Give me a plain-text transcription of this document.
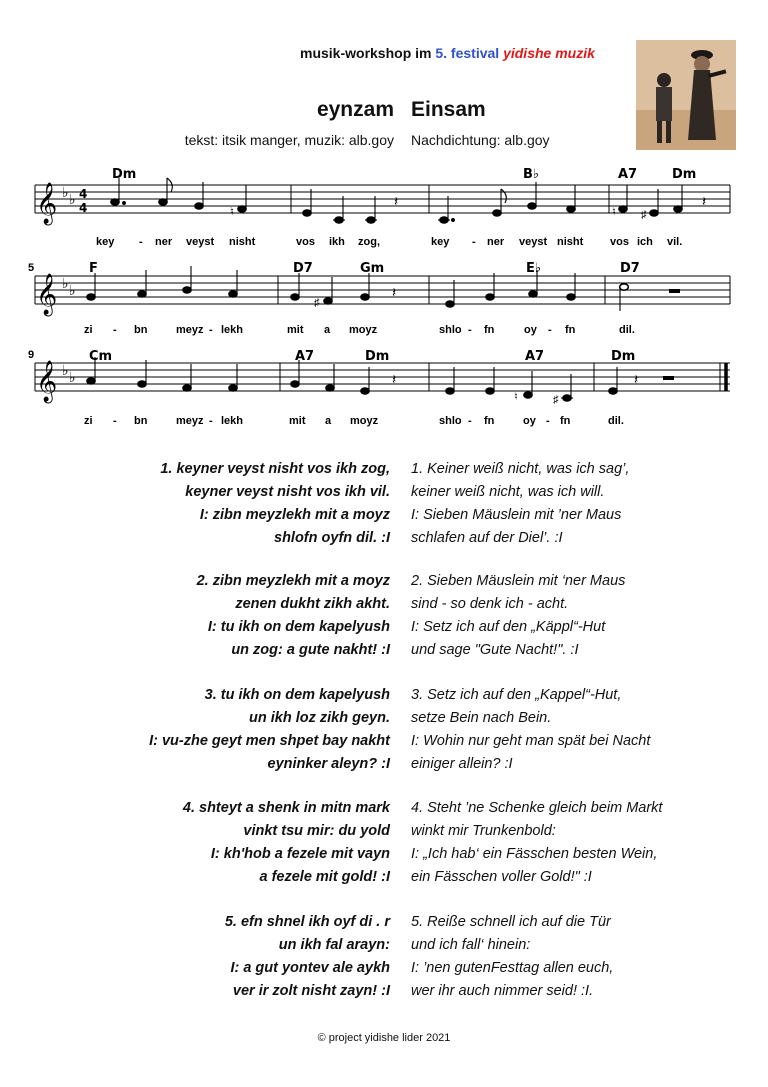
musik-workshop im 5. festival yidishe muzik
eynzam Einsam
tekst: itsik manger, muzik: alb.goy Nachdichtung: alb.goy
𝄞 ♭ ♭ 4
4	♮
𝄽
♮ ♯
𝄽
𝄞 ♭ ♭
♯
𝄽
𝄞 ♭ ♭	𝄽
♮	♯
𝄽
5
9
Dm	B♭	A7	Dm
F	D7	Gm	E♭	D7
Cm	A7	Dm	A7	Dm
key - ner veyst nisht	vos ikh zog,	key - ner veyst nisht vos ich vil.
zi - bn	meyz - lekh	mit a moyz	shlo - fn	oy - fn	dil.
zi - bn	meyz - lekh	mit a moyz	shlo - fn	oy - fn	dil.
1. keyner veyst nisht vos ikh zog,
keyner veyst nisht vos ikh vil.
I: zibn meyzlekh mit a moyz
shlofn oyfn dil. :I
1. Keiner weiß nicht, was ich sag’,
keiner weiß nicht, was ich will.
I: Sieben Mäuslein mit ’ner Maus
schlafen auf der Diel’. :I
2. zibn meyzlekh mit a moyz
zenen dukht zikh akht.
I: tu ikh on dem kapelyush
un zog: a gute nakht! :I
2. Sieben Mäuslein mit ‘ner Maus
sind - so denk ich - acht.
I: Setz ich auf den „Käppl“-Hut
und sage "Gute Nacht!". :I
3. tu ikh on dem kapelyush
un ikh loz zikh geyn.
I: vu-zhe geyt men shpet bay nakht
eyninker aleyn? :I
3. Setz ich auf den „Kappel“-Hut,
setze Bein nach Bein.
I: Wohin nur geht man spät bei Nacht
einiger allein? :I
4. shteyt a shenk in mitn mark
vinkt tsu mir: du yold
I: kh'hob a fezele mit vayn
a fezele mit gold! :I
4. Steht ’ne Schenke gleich beim Markt
winkt mir Trunkenbold:
I: „Ich hab‘ ein Fässchen besten Wein,
ein Fässchen voller Gold!" :I
5. efn shnel ikh oyf di . r
un ikh fal arayn:
I: a gut yontev ale aykh
ver ir zolt nisht zayn! :I
5. Reiße schnell ich auf die Tür
und ich fall‘ hinein:
I: ’nen gutenFesttag allen euch,
wer ihr auch nimmer seid! :I.
© project yidishe lider 2021
